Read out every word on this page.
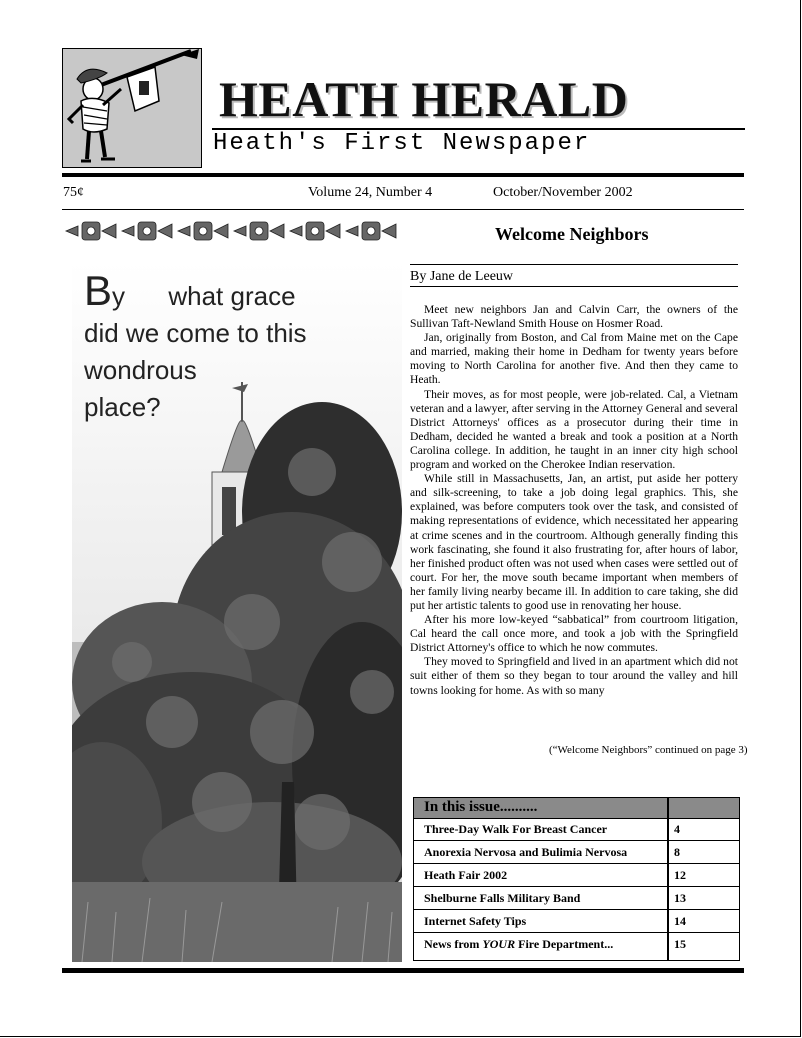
HEATH HERALD
Heath's First Newspaper
75¢	Volume 24, Number 4	October/November 2002
Welcome Neighbors
By Jane de Leeuw

Meet new neighbors Jan and Calvin Carr, the owners of the Sullivan Taft-Newland Smith House on Hosmer Road.

Jan, originally from Boston, and Cal from Maine met on the Cape and married, making their home in Dedham for twenty years before moving to North Carolina for another five. And then they came to Heath.

Their moves, as for most people, were job-related. Cal, a Vietnam veteran and a lawyer, after serving in the Attorney General and several District Attorneys' offices as a prosecutor during their time in Dedham, decided he wanted a break and took a position at a North Carolina college. In addition, he taught in an inner city high school program and worked on the Cherokee Indian reservation.

While still in Massachusetts, Jan, an artist, put aside her pottery and silk-screening, to take a job doing legal graphics. This, she explained, was before computers took over the task, and consisted of making representations of evidence, which necessitated her appearing at crime scenes and in the courtroom. Although generally finding this work fascinating, she found it also frustrating for, after hours of labor, her finished product often was not used when cases were settled out of court. For her, the move south became important when members of her family living nearby became ill. In addition to care taking, she did put her artistic talents to good use in renovating her house.

After his more low-keyed “sabbatical” from courtroom litigation, Cal heard the call once more, and took a job with the Springfield District Attorney's office to which he now commutes.

They moved to Springfield and lived in an apartment which did not suit either of them so they began to tour around the valley and hill towns looking for home. As with so many

(“Welcome Neighbors” continued on page 3)
By      what grace
did we come to this
wondrous
place?
In this issue..........
Three-Day Walk For Breast Cancer	4
Anorexia Nervosa and Bulimia Nervosa	8
Heath Fair 2002	12
Shelburne Falls Military Band	13
Internet Safety Tips	14
News from YOUR Fire Department...	15
